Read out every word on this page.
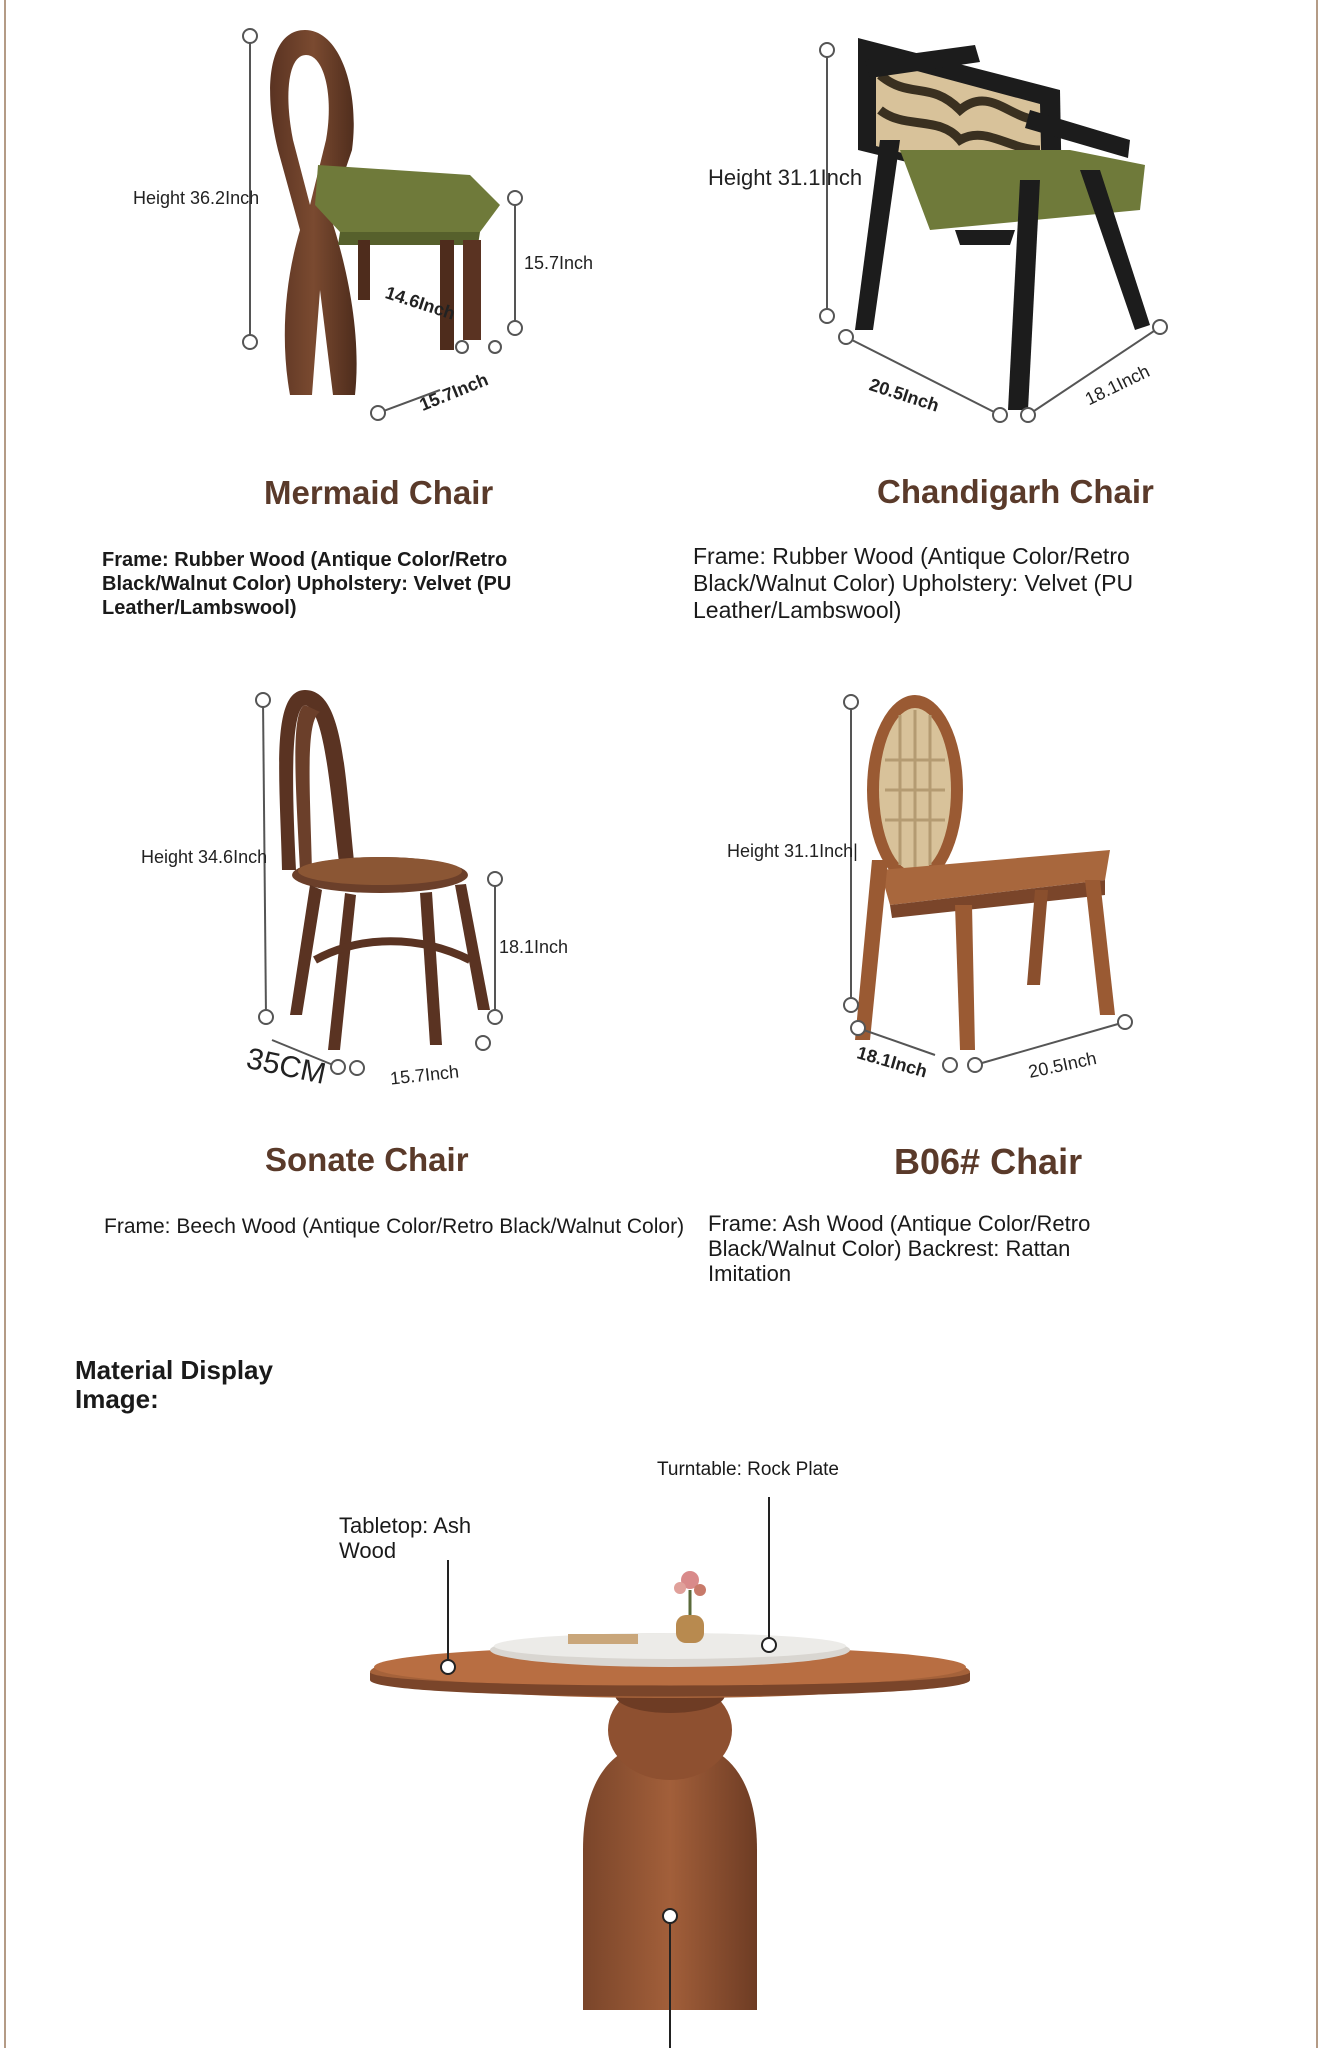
Height 36.2Inch
15.7Inch
14.6Inch
15.7Inch
Mermaid Chair
Frame: Rubber Wood (Antique Color/Retro Black/Walnut Color) Upholstery: Velvet (PU Leather/Lambswool)
Height 31.1Inch
20.5Inch	18.1Inch
Chandigarh Chair
Frame: Rubber Wood (Antique Color/Retro Black/Walnut Color) Upholstery: Velvet (PU Leather/Lambswool)
Height 34.6Inch
18.1Inch
35CM	15.7Inch
Sonate Chair
Frame: Beech Wood (Antique Color/Retro Black/Walnut Color)
Height 31.1Inch|
18.1Inch	20.5Inch
B06# Chair
Frame: Ash Wood (Antique Color/Retro Black/Walnut Color) Backrest: Rattan Imitation
Material Display Image:
Turntable: Rock Plate
Tabletop: Ash Wood
